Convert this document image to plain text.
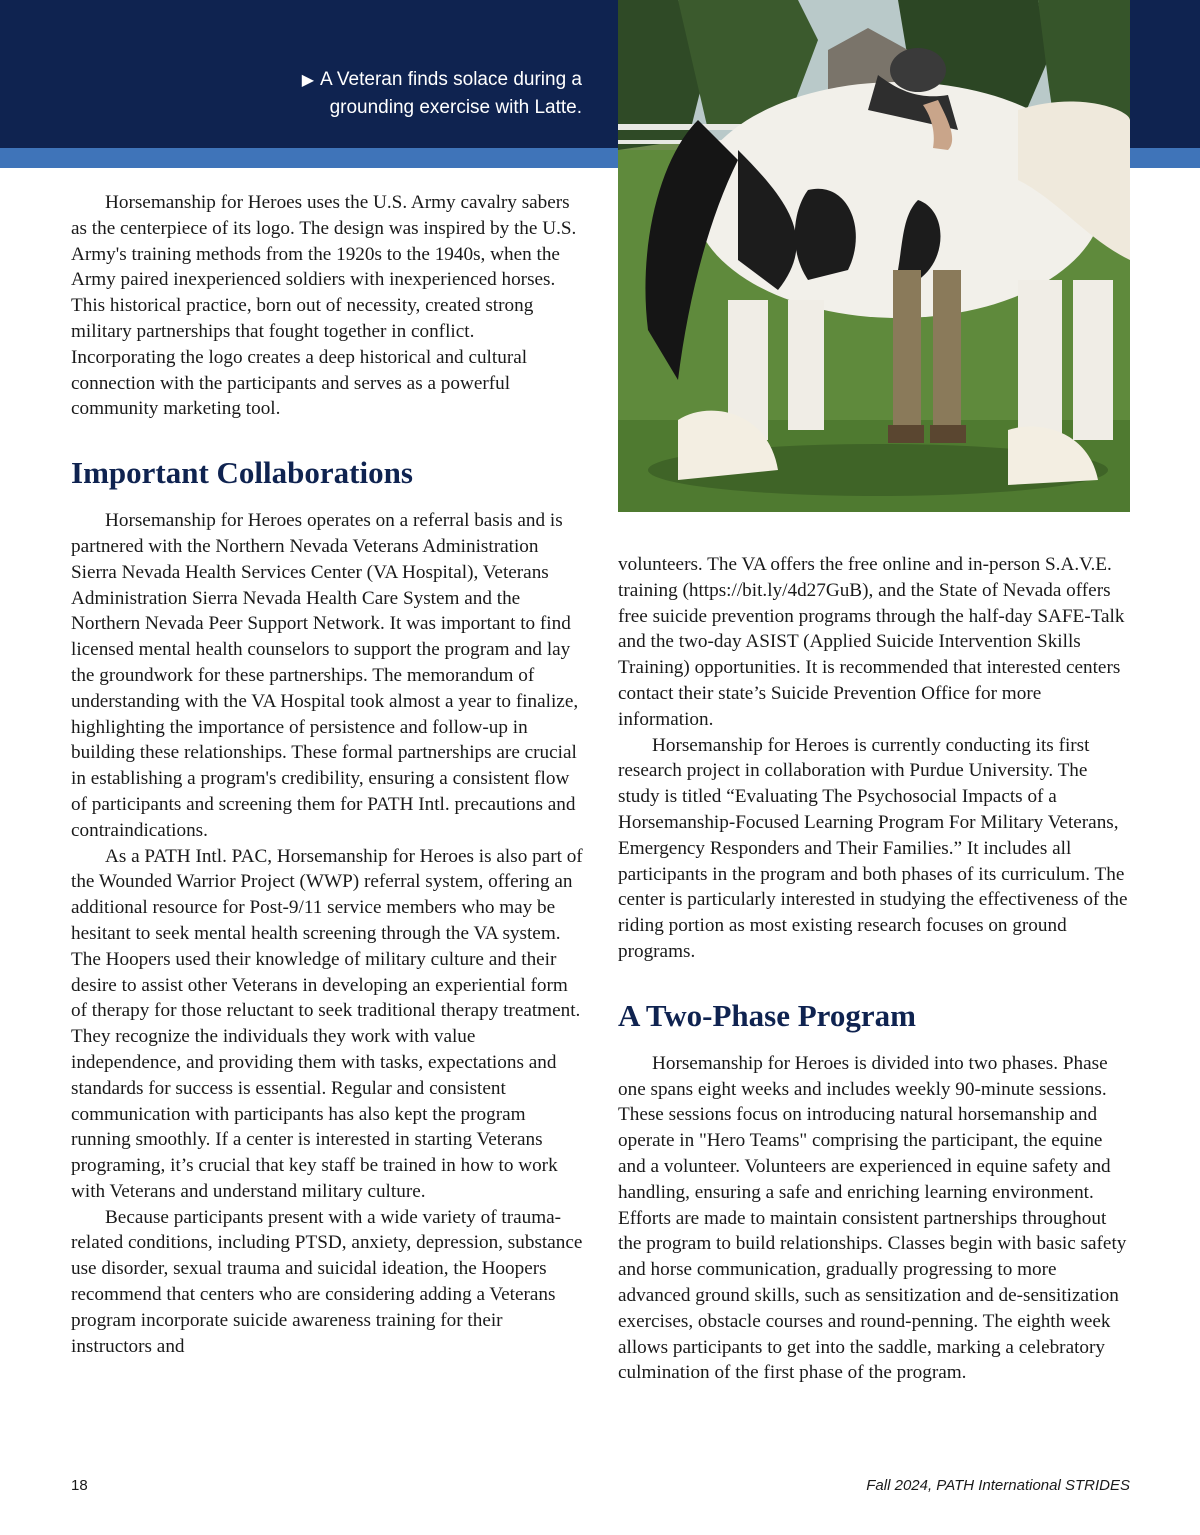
▶ A Veteran finds solace during a grounding exercise with Latte.

Horsemanship for Heroes uses the U.S. Army cavalry sabers as the centerpiece of its logo. The design was inspired by the U.S. Army's training methods from the 1920s to the 1940s, when the Army paired inexperienced soldiers with inexperienced horses. This historical practice, born out of necessity, created strong military partnerships that fought together in conflict. Incorporating the logo creates a deep historical and cultural connection with the participants and serves as a powerful community marketing tool.

Important Collaborations

Horsemanship for Heroes operates on a referral basis and is partnered with the Northern Nevada Veterans Administration Sierra Nevada Health Services Center (VA Hospital), Veterans Administration Sierra Nevada Health Care System and the Northern Nevada Peer Support Network. It was important to find licensed mental health counselors to support the program and lay the groundwork for these partnerships. The memorandum of understanding with the VA Hospital took almost a year to finalize, highlighting the importance of persistence and follow-up in building these relationships. These formal partnerships are crucial in establishing a program's credibility, ensuring a consistent flow of participants and screening them for PATH Intl. precautions and contraindications.

As a PATH Intl. PAC, Horsemanship for Heroes is also part of the Wounded Warrior Project (WWP) referral system, offering an additional resource for Post-9/11 service members who may be hesitant to seek mental health screening through the VA system. The Hoopers used their knowledge of military culture and their desire to assist other Veterans in developing an experiential form of therapy for those reluctant to seek traditional therapy treatment. They recognize the individuals they work with value independence, and providing them with tasks, expectations and standards for success is essential. Regular and consistent communication with participants has also kept the program running smoothly. If a center is interested in starting Veterans programing, it’s crucial that key staff be trained in how to work with Veterans and understand military culture.

Because participants present with a wide variety of trauma-related conditions, including PTSD, anxiety, depression, substance use disorder, sexual trauma and suicidal ideation, the Hoopers recommend that centers who are considering adding a Veterans program incorporate suicide awareness training for their instructors and

volunteers. The VA offers the free online and in-person S.A.V.E. training (https://bit.ly/4d27GuB), and the State of Nevada offers free suicide prevention programs through the half-day SAFE-Talk and the two-day ASIST (Applied Suicide Intervention Skills Training) opportunities. It is recommended that interested centers contact their state’s Suicide Prevention Office for more information.

Horsemanship for Heroes is currently conducting its first research project in collaboration with Purdue University. The study is titled “Evaluating The Psychosocial Impacts of a Horsemanship-Focused Learning Program For Military Veterans, Emergency Responders and Their Families.” It includes all participants in the program and both phases of its curriculum. The center is particularly interested in studying the effectiveness of the riding portion as most existing research focuses on ground programs.

A Two-Phase Program

Horsemanship for Heroes is divided into two phases. Phase one spans eight weeks and includes weekly 90-minute sessions. These sessions focus on introducing natural horsemanship and operate in "Hero Teams" comprising the participant, the equine and a volunteer. Volunteers are experienced in equine safety and handling, ensuring a safe and enriching learning environment. Efforts are made to maintain consistent partnerships throughout the program to build relationships. Classes begin with basic safety and horse communication, gradually progressing to more advanced ground skills, such as sensitization and de-sensitization exercises, obstacle courses and round-penning. The eighth week allows participants to get into the saddle, marking a celebratory culmination of the first phase of the program.

18	Fall 2024, PATH International STRIDES
